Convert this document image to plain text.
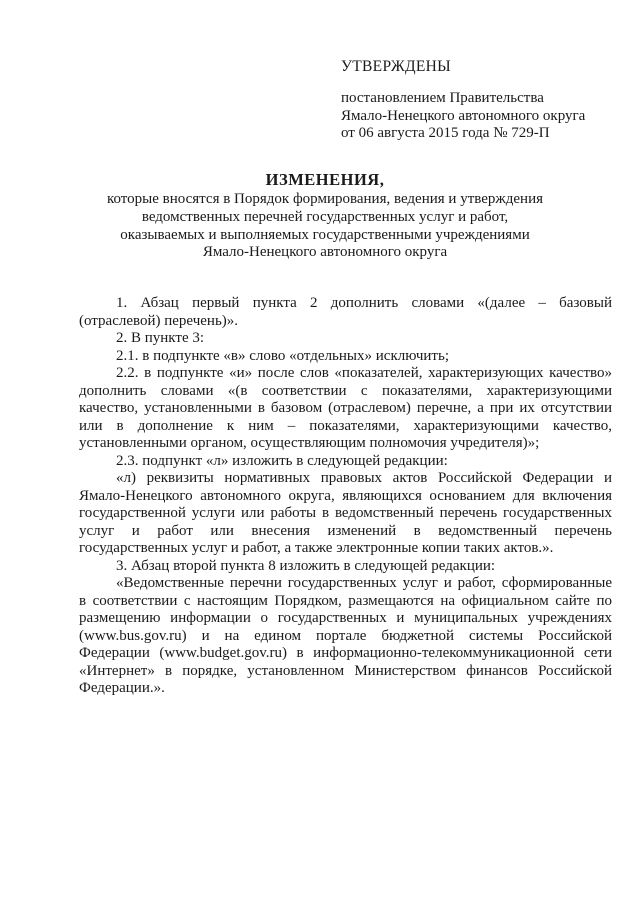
УТВЕРЖДЕНЫ
постановлением Правительства
Ямало-Ненецкого автономного округа
от 06 августа 2015 года № 729-П
ИЗМЕНЕНИЯ,
которые вносятся в Порядок формирования, ведения и утверждения
ведомственных перечней государственных услуг и работ,
оказываемых и выполняемых государственными учреждениями
Ямало-Ненецкого автономного округа
1. Абзац первый пункта 2 дополнить словами «(далее – базовый
(отраслевой) перечень)».
2. В пункте 3:
2.1. в подпункте «в» слово «отдельных» исключить;
2.2. в подпункте «и» после слов «показателей, характеризующих качество»
дополнить словами «(в соответствии с показателями, характеризующими
качество, установленными в базовом (отраслевом) перечне, а при их отсутствии
или в дополнение к ним – показателями, характеризующими качество,
установленными органом, осуществляющим полномочия учредителя)»;
2.3. подпункт «л» изложить в следующей редакции:
«л) реквизиты нормативных правовых актов Российской Федерации и
Ямало-Ненецкого автономного округа, являющихся основанием для включения
государственной услуги или работы в ведомственный перечень государственных
услуг и работ или внесения изменений в ведомственный перечень
государственных услуг и работ, а также электронные копии таких актов.».
3. Абзац второй пункта 8 изложить в следующей редакции:
«Ведомственные перечни государственных услуг и работ, сформированные
в соответствии с настоящим Порядком, размещаются на официальном сайте по
размещению информации о государственных и муниципальных учреждениях
(www.bus.gov.ru) и на едином портале бюджетной системы Российской
Федерации (www.budget.gov.ru) в информационно-телекоммуникационной сети
«Интернет» в порядке, установленном Министерством финансов Российской
Федерации.».
